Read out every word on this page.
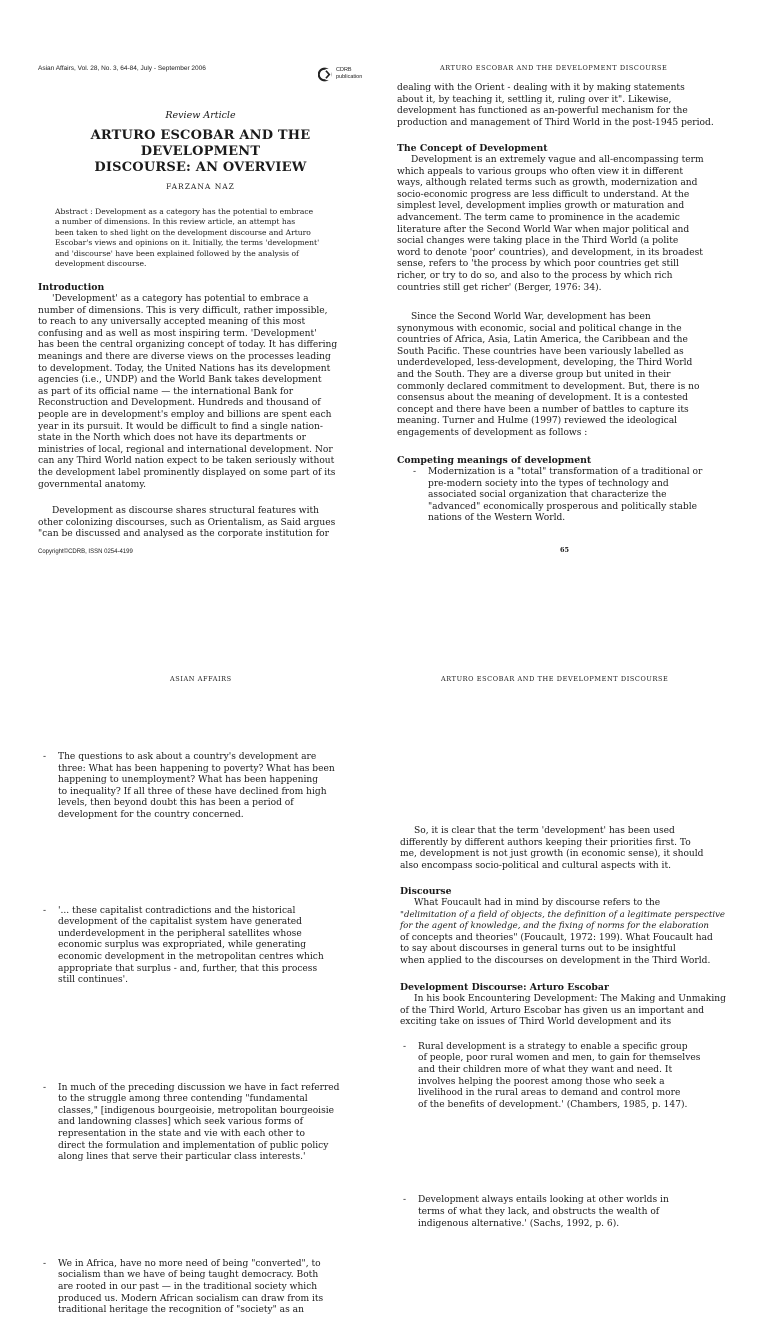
Asian Affairs, Vol. 28, No. 3, 64-84, July - September 2006	CDRB
publication
ARTURO ESCOBAR AND THE DEVELOPMENT DISCOURSE
Review Article
ARTURO ESCOBAR AND THE DEVELOPMENT
DISCOURSE: AN OVERVIEW
FARZANA NAZ
Abstract : Development as a category has the potential to embrace
a number of dimensions. In this review article, an attempt has
been taken to shed light on the development discourse and Arturo
Escobar's views and opinions on it. Initially, the terms 'development'
and 'discourse' have been explained followed by the analysis of
development discourse.
Introduction

'Development' as a category has potential to embrace a

number of dimensions. This is very difficult, rather impossible,

to reach to any universally accepted meaning of this most

confusing and as well as most inspiring term. 'Development'

has been the central organizing concept of today. It has differing

meanings and there are diverse views on the processes leading

to development. Today, the United Nations has its development

agencies (i.e., UNDP) and the World Bank takes development

as part of its official name — the international Bank for

Reconstruction and Development. Hundreds and thousand of

people are in development's employ and billions are spent each

year in its pursuit. It would be difficult to find a single nation-

state in the North which does not have its departments or

ministries of local, regional and international development. Nor

can any Third World nation expect to be taken seriously without

the development label prominently displayed on some part of its

governmental anatomy.

Development as discourse shares structural features with

other colonizing discourses, such as Orientalism, as Said argues

"can be discussed and analysed as the corporate institution for

Copyright©CDRB, ISSN 0254-4199

dealing with the Orient - dealing with it by making statements

about it, by teaching it, settling it, ruling over it". Likewise,

development has functioned as an-powerful mechanism for the

production and management of Third World in the post-1945 period.

The Concept of Development

Development is an extremely vague and all-encompassing term

which appeals to various groups who often view it in different

ways, although related terms such as growth, modernization and

socio-economic progress are less difficult to understand. At the

simplest level, development implies growth or maturation and

advancement. The term came to prominence in the academic

literature after the Second World War when major political and

social changes were taking place in the Third World (a polite

word to denote 'poor' countries), and development, in its broadest

sense, refers to 'the process by which poor countries get still

richer, or try to do so, and also to the process by which rich

countries still get richer' (Berger, 1976: 34).

Since the Second World War, development has been

synonymous with economic, social and political change in the

countries of Africa, Asia, Latin America, the Caribbean and the

South Pacific. These countries have been variously labelled as

underdeveloped, less-development, developing, the Third World

and the South. They are a diverse group but united in their

commonly declared commitment to development. But, there is no

consensus about the meaning of development. It is a contested

concept and there have been a number of battles to capture its

meaning. Turner and Hulme (1997) reviewed the ideological

engagements of development as follows :

Competing meanings of development
- Modernization is a "total" transformation of a traditional or

pre-modern society into the types of technology and

associated social organization that characterize the

"advanced" economically prosperous and politically stable

nations of the Western World.

65
ASIAN AFFAIRS	ARTURO ESCOBAR AND THE DEVELOPMENT DISCOURSE
- The questions to ask about a country's development are

three: What has been happening to poverty? What has been

happening to unemployment? What has been happening

to inequality? If all three of these have declined from high

levels, then beyond doubt this has been a period of

development for the country concerned.

- '... these capitalist contradictions and the historical

development of the capitalist system have generated

underdevelopment in the peripheral satellites whose

economic surplus was expropriated, while generating

economic development in the metropolitan centres which

appropriate that surplus - and, further, that this process

still continues'.

- In much of the preceding discussion we have in fact referred

to the struggle among three contending "fundamental

classes," [indigenous bourgeoisie, metropolitan bourgeoisie

and landowning classes] which seek various forms of

representation in the state and vie with each other to

direct the formulation and implementation of public policy

along lines that serve their particular class interests.'

- We in Africa, have no more need of being "converted", to

socialism than we have of being taught democracy. Both

are rooted in our past — in the traditional society which

produced us. Modern African socialism can draw from its

traditional heritage the recognition of "society" as an

- Rural development is a strategy to enable a specific group

of people, poor rural women and men, to gain for themselves

and their children more of what they want and need. It

involves helping the poorest among those who seek a

livelihood in the rural areas to demand and control more

of the benefits of development.' (Chambers, 1985, p. 147).

- Development always entails looking at other worlds in

terms of what they lack, and obstructs the wealth of

indigenous alternative.' (Sachs, 1992, p. 6).

So, it is clear that the term 'development' has been used

differently by different authors keeping their priorities first. To

me, development is not just growth (in economic sense), it should

also encompass socio-political and cultural aspects with it.

Discourse

What Foucault had in mind by discourse refers to the

"delimitation of a field of objects, the definition of a legitimate perspective

for the agent of knowledge, and the fixing of norms for the elaboration

of concepts and theories" (Foucault, 1972: 199). What Foucault had

to say about discourses in general turns out to be insightful

when applied to the discourses on development in the Third World.

Development Discourse: Arturo Escobar

In his book Encountering Development: The Making and Unmaking

of the Third World, Arturo Escobar has given us an important and

exciting take on issues of Third World development and its
